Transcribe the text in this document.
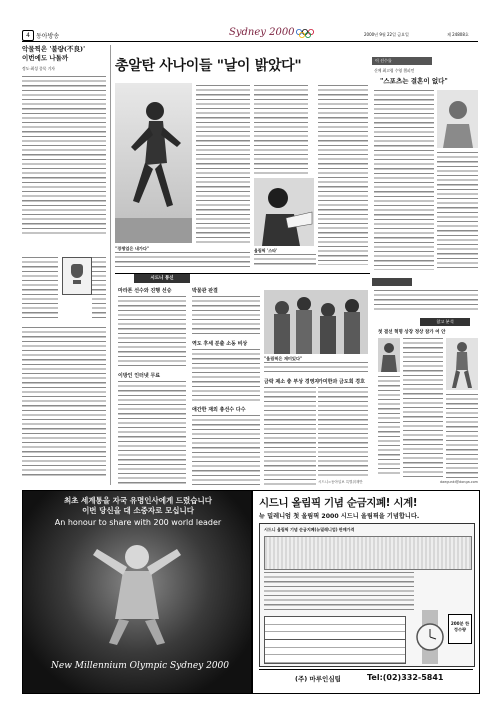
4	동아방송	Sydney 2000	2000년 9월 22일 금요일	제 24808호
악물찍은 '불량(不良)'
이번에도 나돌까
정도·최성 종목 기자	총알탄 사나이들 "날이 밝았다"
올림픽 '스타'
"경쟁업은 내가다"
이 선수를
신예 최고령 수영 챔피언
"스포츠는 결혼이 없다"
시드니 통신
마라톤 선수와 진행 선승
이방인 인터넷 무료
박물관 판결
역도 후세 분출 소동 비상
애간한 재외 총선수 다수
"올림픽은 재미있다"
금락 제소 충 부상 경영자
가미한과 금도회 경호
시드니=동아일보 특별취재반
참고 분석
첫 결선 혁명 상장 정상 참가 어 안
daegunki@donga.com
최초 세계통을 자국 유명인사에게 드렸습니다
이번 당신을 대 소중자로 모십니다
An honour to share with 200 world leader
New Millennium Olympic Sydney 2000
시드니 올림픽 기념 순금지폐! 시계!
뉴 밀레니엄 첫 올림픽 2000 시드니 올림픽을 기념합니다.
시드니 올림픽 기념 순금지폐(뉴밀레니엄) 판매가격
200분 한정수량
(주) 마루인심팀	Tel:(02)332-5841
